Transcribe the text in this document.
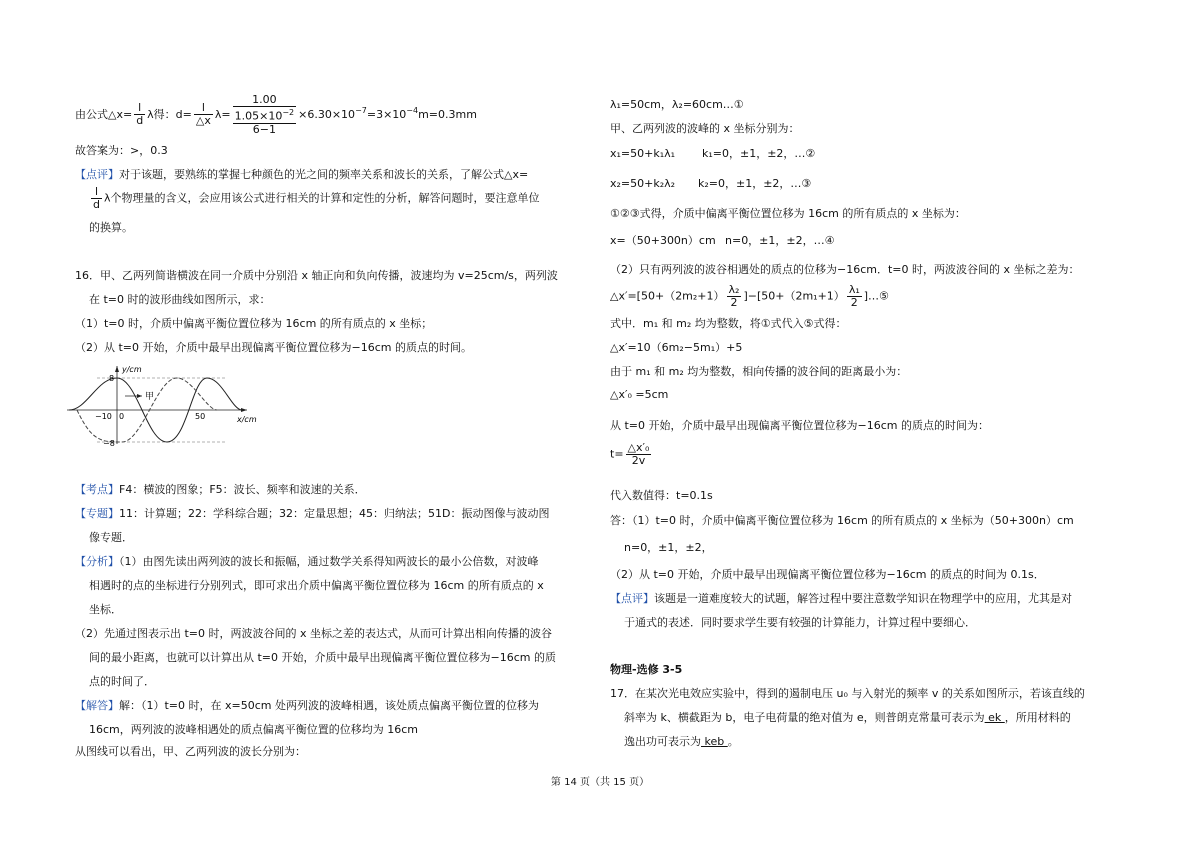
由公式△x= $\frac{l}{d}$ λ得：$d= \frac{l}{\triangle x} \lambda=$
1.00
$1.05\times 10^{-2}$
6−1
$\times 6.30\times 10^{-7}=3\times 10^{-4}m=0.3mm$
故答案为：>，0.3
【点评】对于该题，要熟练的掌握七种颜色的光之间的频率关系和波长的关系，了解公式△x=
$\frac{l}{d}$ λ个物理量的含义，会应用该公式进行相关的计算和定性的分析，解答问题时，要注意单位
的换算。
16．甲、乙两列简谐横波在同一介质中分别沿 x 轴正向和负向传播，波速均为 v=25cm/s，两列波
在 t=0 时的波形曲线如图所示，求：
（1）t=0 时，介质中偏离平衡位置位移为 16cm 的所有质点的 x 坐标；
（2）从 t=0 开始，介质中最早出现偏离平衡位置位移为−16cm 的质点的时间。
甲
y/cm
x/cm
8
−8
−10 0	50
【考点】F4：横波的图象；F5：波长、频率和波速的关系．
【专题】11：计算题；22：学科综合题；32：定量思想；45：归纳法；51D：振动图像与波动图
像专题．
【分析】（1）由图先读出两列波的波长和振幅，通过数学关系得知两波长的最小公倍数，对波峰
相遇时的点的坐标进行分别列式，即可求出介质中偏离平衡位置位移为 16cm 的所有质点的 x
坐标．
（2）先通过图表示出 t=0 时，两波波谷间的 x 坐标之差的表达式，从而可计算出相向传播的波谷
间的最小距离，也就可以计算出从 t=0 开始，介质中最早出现偏离平衡位置位移为−16cm 的质
点的时间了．
【解答】解：（1）t=0 时，在 x=50cm 处两列波的波峰相遇，该处质点偏离平衡位置的位移为
16cm，两列波的波峰相遇处的质点偏离平衡位置的位移均为 16cm
从图线可以看出，甲、乙两列波的波长分别为：
λ₁=50cm，λ₂=60cm…①
甲、乙两列波的波峰的 x 坐标分别为：
x₁=50+k₁λ₁ k₁=0，±1，±2，…②
x₂=50+k₂λ₂ k₂=0，±1，±2，…③
①②③式得，介质中偏离平衡位置位移为 16cm 的所有质点的 x 坐标为：
x=（50+300n）cm n=0，±1，±2，…④
（2）只有两列波的波谷相遇处的质点的位移为−16cm．t=0 时，两波波谷间的 x 坐标之差为：
△x′=[50+（2m₂+1） $\frac{\text{λ₂}}{2} ]-[50+(2m_1+1) \frac{\text{λ₁}}{2}$ ]…⑤
式中．m₁ 和 m₂ 均为整数，将①式代入⑤式得：
△x′=10（6m₂−5m₁）+5
由于 m₁ 和 m₂ 均为整数，相向传播的波谷间的距离最小为：
△x′₀ =5cm
从 t=0 开始，介质中最早出现偏离平衡位置位移为−16cm 的质点的时间为：
$t= \frac{\text{△x′₀}}{2v}$
代入数值得：t=0.1s
答：（1）t=0 时，介质中偏离平衡位置位移为 16cm 的所有质点的 x 坐标为（50+300n）cm
n=0，±1，±2，
（2）从 t=0 开始，介质中最早出现偏离平衡位置位移为−16cm 的质点的时间为 0.1s．
【点评】该题是一道难度较大的试题，解答过程中要注意数学知识在物理学中的应用，尤其是对
于通式的表述．同时要求学生要有较强的计算能力，计算过程中要细心．
物理-选修 3-5
17．在某次光电效应实验中，得到的遏制电压 u₀ 与入射光的频率 v 的关系如图所示，若该直线的
斜率为 k、横截距为 b，电子电荷量的绝对值为 e，则普朗克常量可表示为 ek ，所用材料的
逸出功可表示为 keb 。
第 14 页（共 15 页）
